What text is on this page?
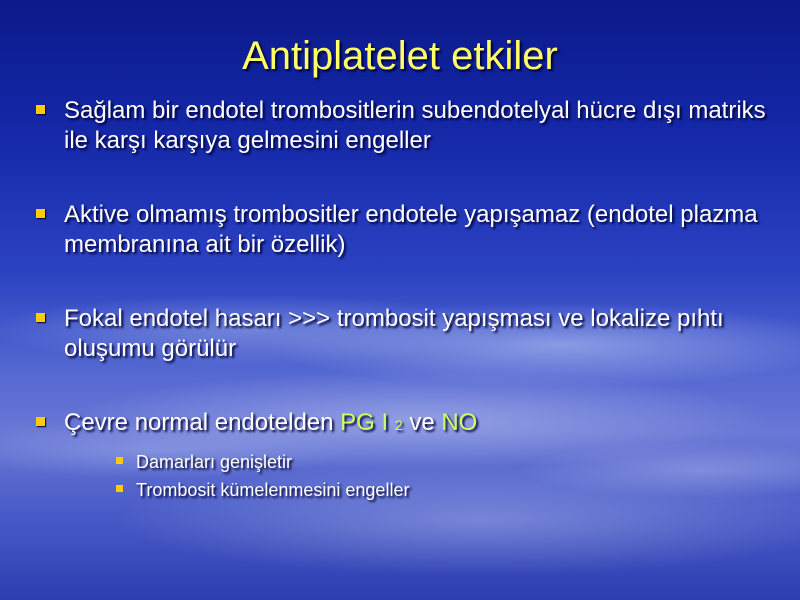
Antiplatelet etkiler
Sağlam bir endotel trombositlerin subendotelyal hücre dışı matriks ile karşı karşıya gelmesini engeller
Aktive olmamış trombositler endotele yapışamaz (endotel plazma membranına ait bir özellik)
Fokal endotel hasarı >>> trombosit yapışması ve lokalize pıhtı oluşumu görülür
Çevre normal endotelden PG I 2 ve NO
Damarları genişletir
Trombosit kümelenmesini engeller
